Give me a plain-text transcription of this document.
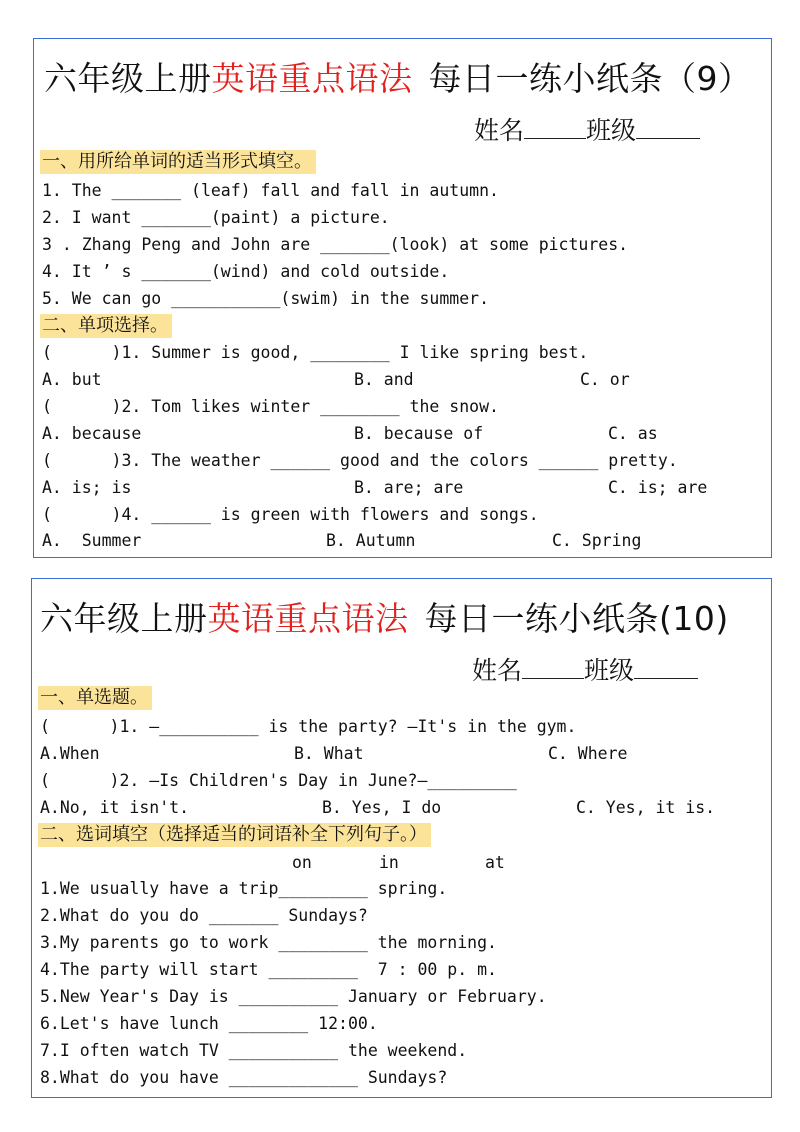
六年级上册英语重点语法 每日一练小纸条（9）
姓名 班级
一、用所给单词的适当形式填空。
1. The _______ (leaf) fall and fall in autumn.
2. I want _______(paint) a picture.
3 . Zhang Peng and John are _______(look) at some pictures.
4. It ’ s _______(wind) and cold outside.
5. We can go ___________(swim) in the summer.
二、单项选择。
(      )1. Summer is good, ________ I like spring best.
A. but	B. and	C. or
(      )2. Tom likes winter ________ the snow.
A. because	B. because of	C. as
(      )3. The weather ______ good and the colors ______ pretty.
A. is; is	B. are; are	C. is; are
(      )4. ______ is green with flowers and songs.
A.  Summer	B. Autumn	C. Spring
六年级上册英语重点语法 每日一练小纸条(10)
姓名 班级
一、单选题。
(      )1. —__________ is the party? —It's in the gym.
A.When	B. What	C. Where
(      )2. —Is Children's Day in June?—_________
A.No, it isn't.	B. Yes, I do	C. Yes, it is.
二、选词填空（选择适当的词语补全下列句子。）
on	in	at
1.We usually have a trip_________ spring.
2.What do you do _______ Sundays?
3.My parents go to work _________ the morning.
4.The party will start _________  7 : 00 p. m.
5.New Year's Day is __________ January or February.
6.Let's have lunch ________ 12:00.
7.I often watch TV ___________ the weekend.
8.What do you have _____________ Sundays?
